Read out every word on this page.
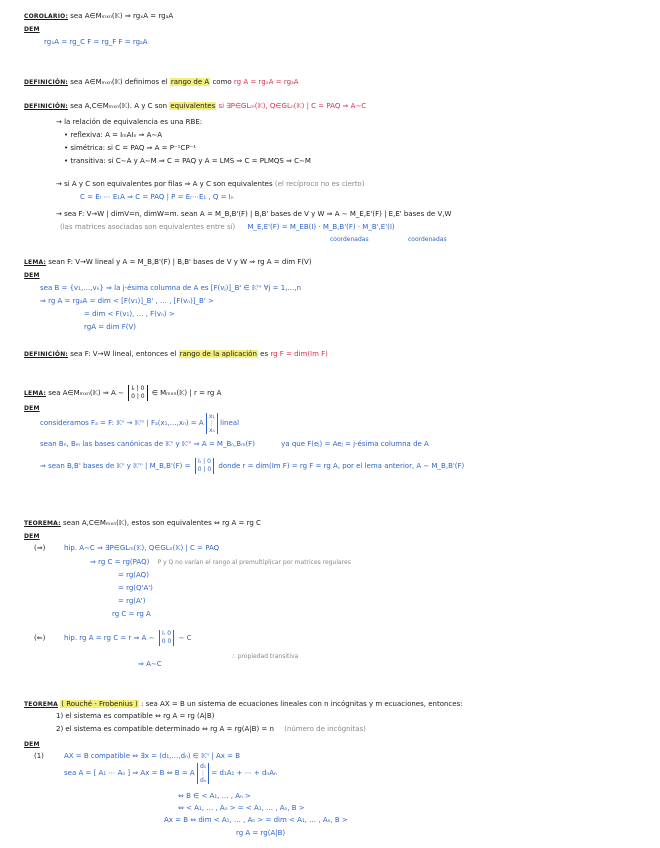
COROLARIO: sea A∈Mₘₓₙ(𝕂) ⇒ rgₓA = rgₐA
DEM
rgₓA = rg_C F = rg_F F = rgₐA
DEFINICIÓN: sea A∈Mₘₓₙ(𝕂) definimos el rango de A como rg A = rgₓA = rgₐA
DEFINICIÓN: sea A,C∈Mₘₓₙ(𝕂). A y C son equivalentes si ∃P∈GLₘ(𝕂), Q∈GLₙ(𝕂) | C = PAQ ⇒ A∼C
→ la relación de equivalencia es una RBE:
• reflexiva: A = IₘAIₙ ⇒ A∼A
• simétrica: si C = PAQ ⇒ A = P⁻¹CP⁻¹
• transitiva: si C∼A y A∼M ⇒ C = PAQ y A = LMS ⇒ C = PLMQS ⇒ C∼M
→ si A y C son equivalentes por filas ⇒ A y C son equivalentes (el recíproco no es cierto)
C = Eᵣ ⋯ E₁A ⇒ C = PAQ | P = Eᵣ⋯E₁ , Q = Iₙ
→ sea F: V→W | dimV=n, dimW=m. sean A = M_B,B'(F) | B,B' bases de V y W ⇒ A ∼ M_E,E'(F) | E,E' bases de V,W
(las matrices asociadas son equivalentes entre sí) M_E,E'(F) = M_EB(I) · M_B,B'(F) · M_B',E'(I)
coordenadas	coordenadas
LEMA: sean F: V→W lineal y A = M_B,B'(F) | B,B' bases de V y W ⇒ rg A = dim F(V)
DEM
sea B = {v₁,…,vₙ} ⇒ la j-ésima columna de A es [F(vⱼ)]_B' ∈ 𝕂ᵐ ∀j = 1,…,n
⇒ rg A = rgₐA = dim < [F(v₁)]_B' , … , [F(vₙ)]_B' >
= dim < F(v₁), … , F(vₙ) >
rgA = dim F(V)
DEFINICIÓN: sea F: V→W lineal, entonces el rango de la aplicación es rg F = dim(Im F)
LEMA: sea A∈Mₘₓₙ(𝕂) ⇒ A ∼ Iᵣ | 0
0 | 0 ∈ Mₘₓₙ(𝕂) | r = rg A
DEM
consideramos Fₐ = F: 𝕂ⁿ → 𝕂ᵐ | Fₐ(x₁,…,xₙ) = A x₁
⋮
xₙ lineal
sean Bₙ, Bₘ las bases canónicas de 𝕂ⁿ y 𝕂ᵐ ⇒ A = M_Bₙ,Bₘ(F)	ya que F(eⱼ) = Aeⱼ = j-ésima columna de A
⇒ sean B,B' bases de 𝕂ⁿ y 𝕂ᵐ | M_B,B'(F) = Iᵣ | 0
0 | 0 donde r = dim(Im F) = rg F = rg A, por el lema anterior, A ∼ M_B,B'(F)
TEOREMA: sean A,C∈Mₘₓₙ(𝕂), estos son equivalentes ⇔ rg A = rg C
DEM
(⇒)	hip. A∼C ⇒ ∃P∈GLₘ(𝕂), Q∈GLₙ(𝕂) | C = PAQ
⇒ rg C = rg(PAQ) P y Q no varían el rango al premultiplicar por matrices regulares
= rg(AQ)
= rg(Q'A')
= rg(A')
rg C = rg A
(⇐)	hip. rg A = rg C = r ⇒ A ∼ Iᵣ 0
0 0 ∼ C
⇒ A∼C
∴ propiedad transitiva
TEOREMA ( Rouché - Frobenius ) : sea AX = B un sistema de ecuaciones lineales con n incógnitas y m ecuaciones, entonces:
1) el sistema es compatible ⇔ rg A = rg (A|B)
2) el sistema es compatible determinado ⇔ rg A = rg(A|B) = n (número de incógnitas)
DEM
(1)	AX = B compatible ⇔ ∃x = (d₁,…,dₙ) ∈ 𝕂ⁿ | Ax = B
sea A = [ A₁ ⋯ Aₙ ] ⇒ Ax = B ⇔ B = A d₁
⋮
dₙ = d₁A₁ + ⋯ + dₙAₙ
⇔ B ∈ < A₁, … , Aₙ >
⇔ < A₁, … , Aₙ > = < A₁, … , Aₙ, B >
Ax = B ⇔ dim < A₁, … , Aₙ > = dim < A₁, … , Aₙ, B >
rg A = rg(A|B)
